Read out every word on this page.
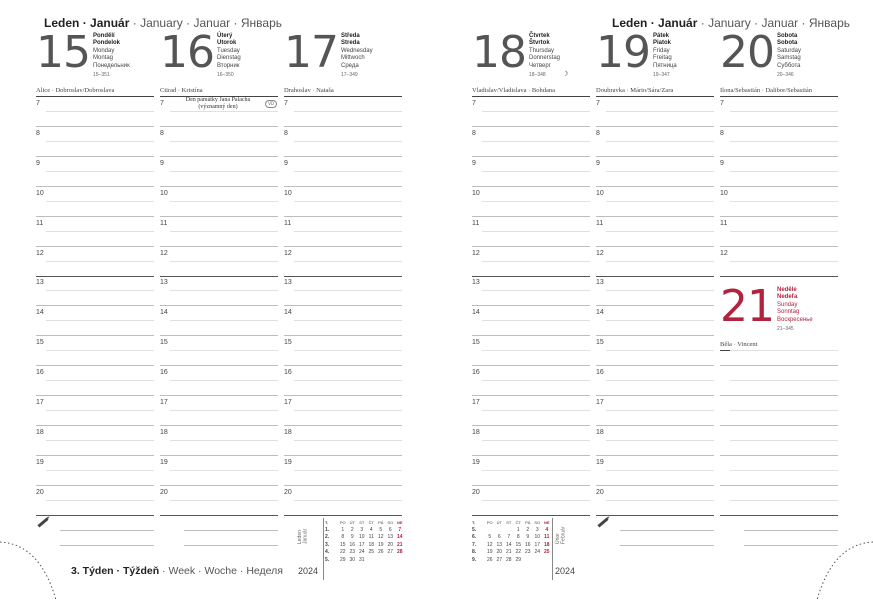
Leden · Január · January · Januar · Январь	Leden · Január · January · Januar · Январь
15 Pondělí
Pondelok
Monday
Montag
Понедельник
15–351
Alice · Dobroslav/Dobroslava
16 Úterý
Utorok
Tuesday
Dienstag
Вторник
16–350
Ctirad · Kristína
17 Středa
Streda
Wednesday
Mittwoch
Среда
17–349
Drahoslav · Nataša
18 Čtvrtek
Štvrtok
Thursday
Donnerstag
Четверг
18–348 ☽
Vladislav/Vladislava · Bohdana
19 Pátek
Piatok
Friday
Freitag
Пятница
19–347
Doubravka · Mário/Sára/Zara
20 Sobota
Sobota
Saturday
Samstag
Суббота
20–346
Ilona/Sebastián · Dalibor/Sebastián
21 Neděle
Nedeľa
Sunday
Sonntag
Воскресенье
21–345
Běla · Vincent
Den památky Jana Palacha
(významný den)
VD
3. Týden · Týždeň · Week · Woche · Неделя
Leden Január
2024
T.	PO	ÚT	ST	ČT	PÁ	SO	NE
1.	1	2	3	4	5	6	7
2.	8	9	10	11	12	13	14
3.	15	16	17	18	19	20	21
4.	22	23	24	25	26	27	28
5.	29	30	31				
T.	PO	ÚT	ST	ČT	PÁ	SO	NE
5.				1	2	3	4
6.	5	6	7	8	9	10	11
7.	12	13	14	15	16	17	18
8.	19	20	21	22	23	24	25
9.	26	27	28	29			
Únor Február
2024
7	7	7	7	7	7
8	8	8	8	8	8
9	9	9	9	9	9
10	10	10	10	10	10
11	11	11	11	11	11
12	12	12	12	12	12
13	13	13	13	13
14	14	14	14	14
15	15	15	15	15
16	16	16	16	16
17	17	17	17	17
18	18	18	18	18
19	19	19	19	19
20	20	20	20	20
